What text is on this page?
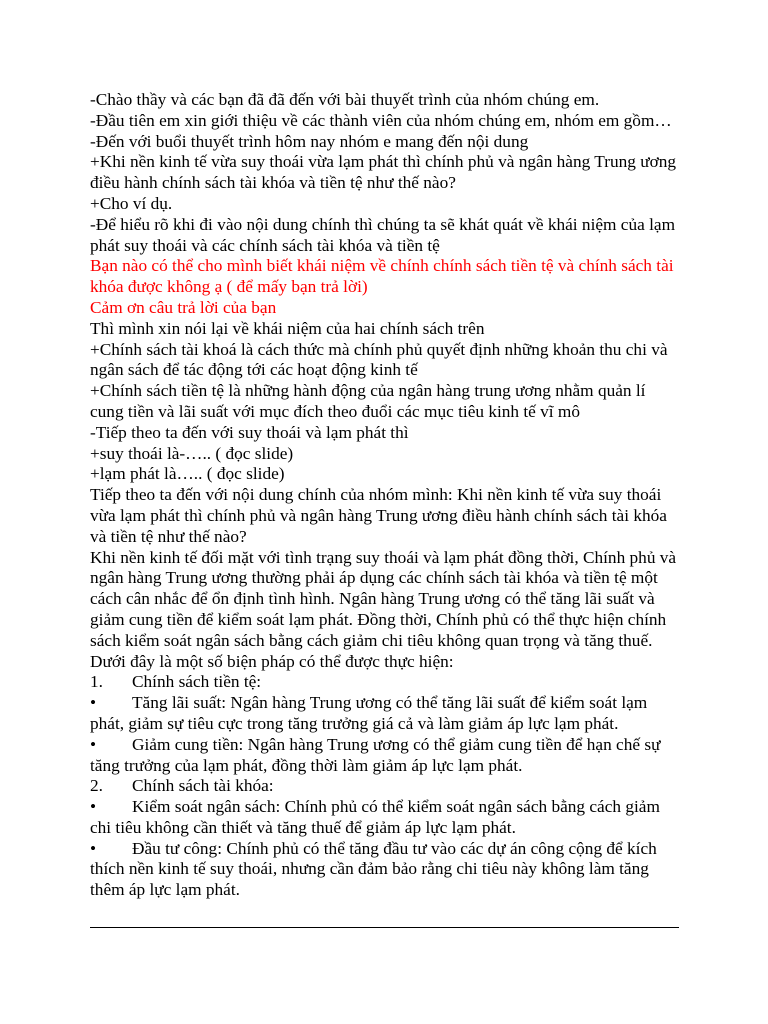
-Chào thầy và các bạn đã đã đến với bài thuyết trình của nhóm chúng em.

-Đầu tiên em xin giới thiệu về các thành viên của nhóm chúng em, nhóm em gồm…

-Đến với buổi thuyết trình hôm nay nhóm e mang đến nội dung

+Khi nền kinh tế vừa suy thoái vừa lạm phát thì chính phủ và ngân hàng Trung ương điều hành chính sách tài khóa và tiền tệ như thế nào?

+Cho ví dụ.

-Để hiểu rõ khi đi vào nội dung chính thì chúng ta sẽ khát quát về khái niệm của lạm phát suy thoái và các chính sách tài khóa và tiền tệ

Bạn nào có thể cho mình biết khái niệm về chính chính sách tiền tệ và chính sách tài khóa được không ạ ( để mấy bạn trả lời)

Cảm ơn câu trả lời của bạn

Thì mình xin nói lại về khái niệm của hai chính sách trên

+Chính sách tài khoá là cách thức mà chính phủ quyết định những khoản thu chi và ngân sách để tác động tới các hoạt động kinh tế

+Chính sách tiền tệ là những hành động của ngân hàng trung ương nhằm quản lí cung tiền và lãi suất với mục đích theo đuổi các mục tiêu kinh tế vĩ mô

-Tiếp theo ta đến với suy thoái và lạm phát thì

+suy thoái là-….. ( đọc slide)

+lạm phát là….. ( đọc slide)

Tiếp theo ta đến với nội dung chính của nhóm mình: Khi nền kinh tế vừa suy thoái vừa lạm phát thì chính phủ và ngân hàng Trung ương điều hành chính sách tài khóa và tiền tệ như thế nào?

Khi nền kinh tế đối mặt với tình trạng suy thoái và lạm phát đồng thời, Chính phủ và ngân hàng Trung ương thường phải áp dụng các chính sách tài khóa và tiền tệ một cách cân nhắc để ổn định tình hình. Ngân hàng Trung ương có thể tăng lãi suất và giảm cung tiền để kiểm soát lạm phát. Đồng thời, Chính phủ có thể thực hiện chính sách kiểm soát ngân sách bằng cách giảm chi tiêu không quan trọng và tăng thuế. Dưới đây là một số biện pháp có thể được thực hiện:

1.	Chính sách tiền tệ:
• Tăng lãi suất: Ngân hàng Trung ương có thể tăng lãi suất để kiểm soát lạm phát, giảm sự tiêu cực trong tăng trưởng giá cả và làm giảm áp lực lạm phát.
• Giảm cung tiền: Ngân hàng Trung ương có thể giảm cung tiền để hạn chế sự tăng trưởng của lạm phát, đồng thời làm giảm áp lực lạm phát.
2.	Chính sách tài khóa:
• Kiểm soát ngân sách: Chính phủ có thể kiểm soát ngân sách bằng cách giảm chi tiêu không cần thiết và tăng thuế để giảm áp lực lạm phát.
• Đầu tư công: Chính phủ có thể tăng đầu tư vào các dự án công cộng để kích thích nền kinh tế suy thoái, nhưng cần đảm bảo rằng chi tiêu này không làm tăng thêm áp lực lạm phát.
